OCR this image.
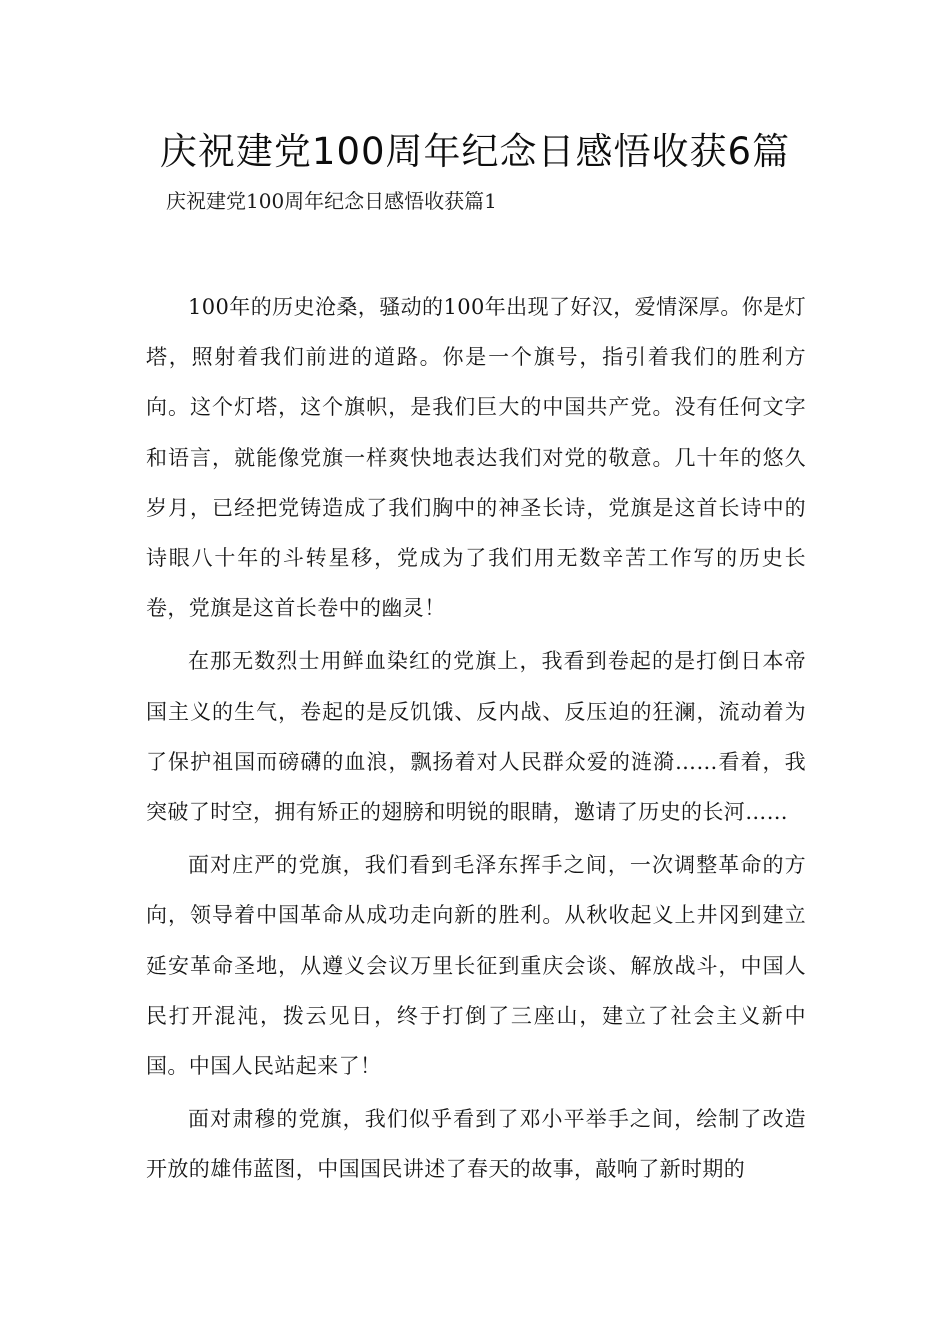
庆祝建党100周年纪念日感悟收获6篇

庆祝建党100周年纪念日感悟收获篇1

100年的历史沧桑，骚动的100年出现了好汉，爱情深厚。你是灯塔，照射着我们前进的道路。你是一个旗号，指引着我们的胜利方向。这个灯塔，这个旗帜，是我们巨大的中国共产党。没有任何文字和语言，就能像党旗一样爽快地表达我们对党的敬意。几十年的悠久岁月，已经把党铸造成了我们胸中的神圣长诗，党旗是这首长诗中的诗眼八十年的斗转星移，党成为了我们用无数辛苦工作写的历史长卷，党旗是这首长卷中的幽灵！

在那无数烈士用鲜血染红的党旗上，我看到卷起的是打倒日本帝国主义的生气，卷起的是反饥饿、反内战、反压迫的狂澜，流动着为了保护祖国而磅礴的血浪，飘扬着对人民群众爱的涟漪……看着，我突破了时空，拥有矫正的翅膀和明锐的眼睛，邀请了历史的长河……

面对庄严的党旗，我们看到毛泽东挥手之间，一次调整革命的方向，领导着中国革命从成功走向新的胜利。从秋收起义上井冈到建立延安革命圣地，从遵义会议万里长征到重庆会谈、解放战斗，中国人民打开混沌，拨云见日，终于打倒了三座山，建立了社会主义新中国。中国人民站起来了！

面对肃穆的党旗，我们似乎看到了邓小平举手之间，绘制了改造开放的雄伟蓝图，中国国民讲述了春天的故事，敲响了新时期的
